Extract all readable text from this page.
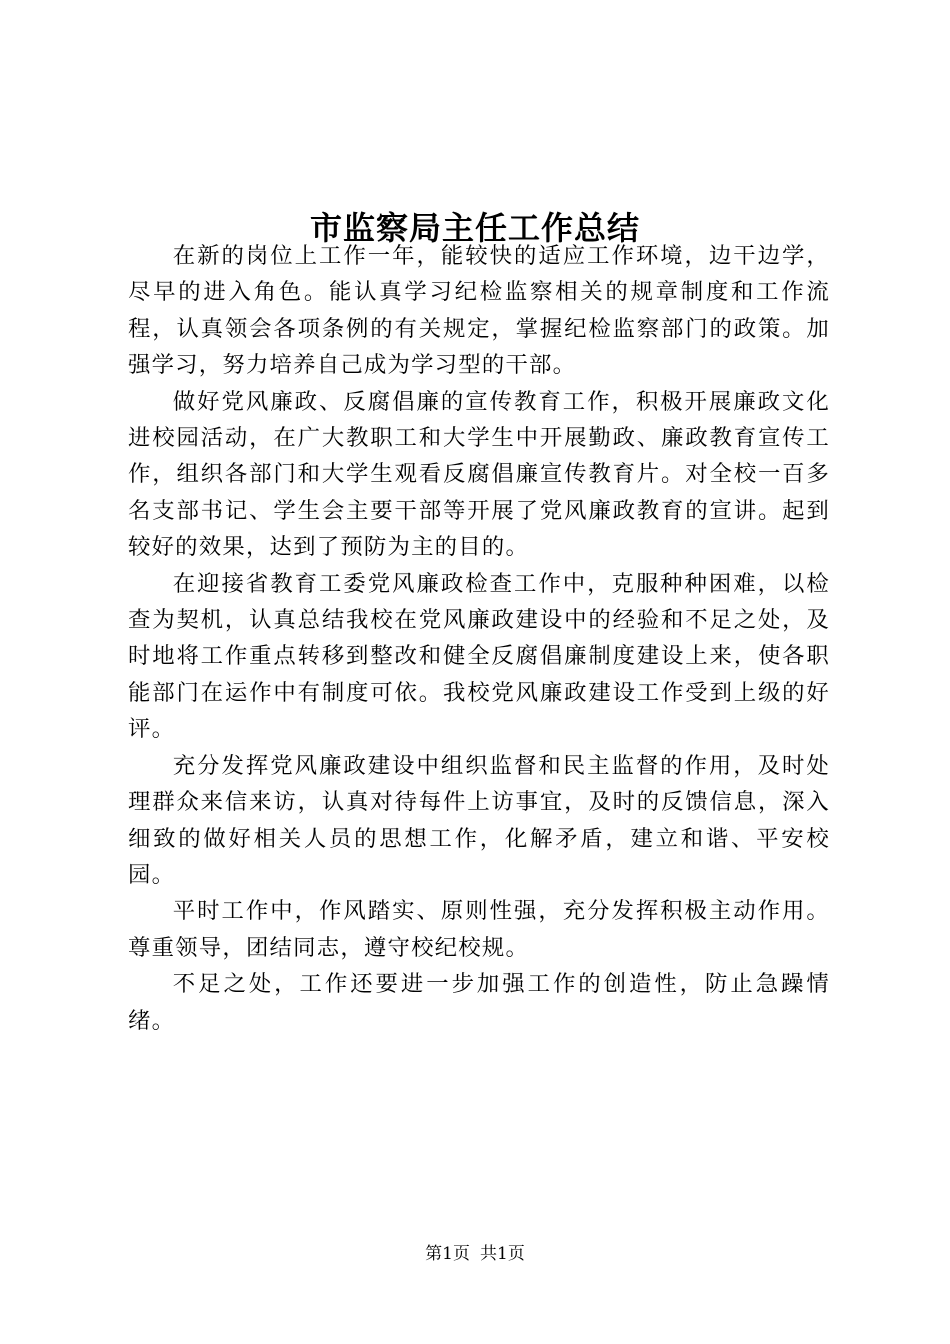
市监察局主任工作总结

在新的岗位上工作一年，能较快的适应工作环境，边干边学，尽早的进入角色。能认真学习纪检监察相关的规章制度和工作流程，认真领会各项条例的有关规定，掌握纪检监察部门的政策。加强学习，努力培养自己成为学习型的干部。

做好党风廉政、反腐倡廉的宣传教育工作，积极开展廉政文化进校园活动，在广大教职工和大学生中开展勤政、廉政教育宣传工作，组织各部门和大学生观看反腐倡廉宣传教育片。对全校一百多名支部书记、学生会主要干部等开展了党风廉政教育的宣讲。起到较好的效果，达到了预防为主的目的。

在迎接省教育工委党风廉政检查工作中，克服种种困难，以检查为契机，认真总结我校在党风廉政建设中的经验和不足之处，及时地将工作重点转移到整改和健全反腐倡廉制度建设上来，使各职能部门在运作中有制度可依。我校党风廉政建设工作受到上级的好评。

充分发挥党风廉政建设中组织监督和民主监督的作用，及时处理群众来信来访，认真对待每件上访事宜，及时的反馈信息，深入细致的做好相关人员的思想工作，化解矛盾，建立和谐、平安校园。

平时工作中，作风踏实、原则性强，充分发挥积极主动作用。尊重领导，团结同志，遵守校纪校规。

不足之处，工作还要进一步加强工作的创造性，防止急躁情绪。

第1页 共1页
